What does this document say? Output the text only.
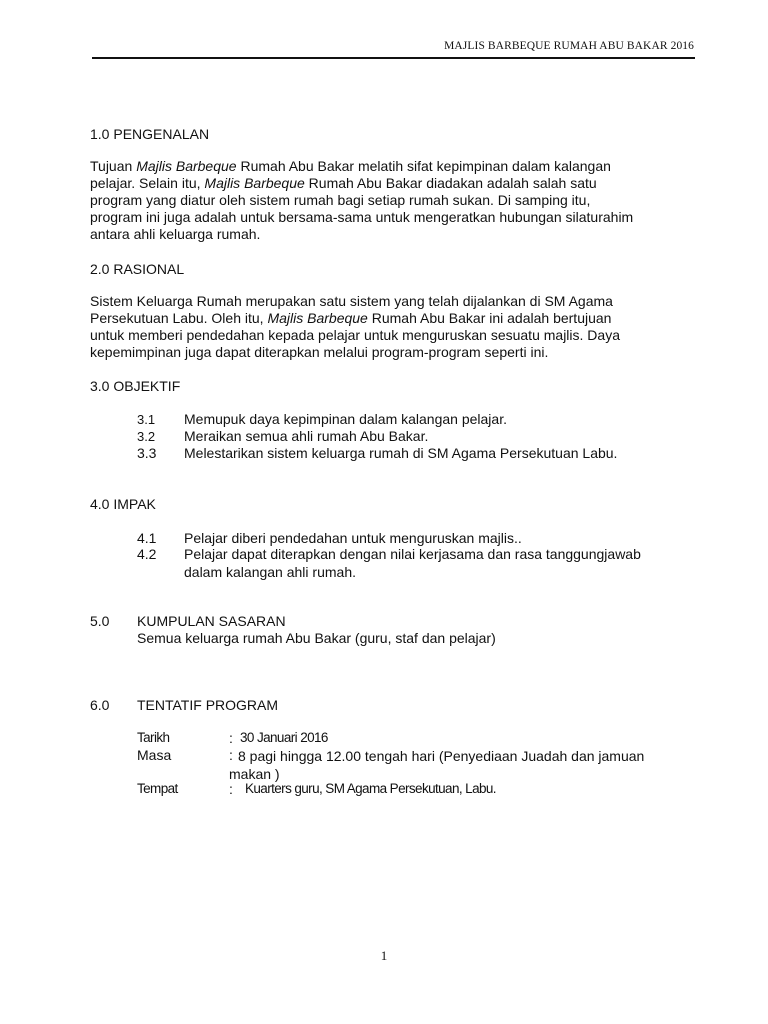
MAJLIS BARBEQUE RUMAH ABU BAKAR 2016
1.0 PENGENALAN

Tujuan Majlis Barbeque Rumah Abu Bakar melatih sifat kepimpinan dalam kalangan

pelajar. Selain itu, Majlis Barbeque Rumah Abu Bakar diadakan adalah salah satu

program yang diatur oleh sistem rumah bagi setiap rumah sukan. Di samping itu,

program ini juga adalah untuk bersama-sama untuk mengeratkan hubungan silaturahim

antara ahli keluarga rumah.

2.0 RASIONAL

Sistem Keluarga Rumah merupakan satu sistem yang telah dijalankan di SM Agama

Persekutuan Labu. Oleh itu, Majlis Barbeque Rumah Abu Bakar ini adalah bertujuan

untuk memberi pendedahan kepada pelajar untuk menguruskan sesuatu majlis. Daya

kepemimpinan juga dapat diterapkan melalui program-program seperti ini.

3.0 OBJEKTIF
3.1 Memupuk daya kepimpinan dalam kalangan pelajar.
3.2 Meraikan semua ahli rumah Abu Bakar.
3.3 Melestarikan sistem keluarga rumah di SM Agama Persekutuan Labu.
4.0 IMPAK
4.1 Pelajar diberi pendedahan untuk menguruskan majlis..
4.2 Pelajar dapat diterapkan dengan nilai kerjasama dan rasa tanggungjawab
dalam kalangan ahli rumah.
5.0 KUMPULAN SASARAN
Semua keluarga rumah Abu Bakar (guru, staf dan pelajar)
6.0 TENTATIF PROGRAM
Tarikh	: 30 Januari 2016
Masa	: 8 pagi hingga 12.00 tengah hari (Penyediaan Juadah dan jamuan
makan )
Tempat	: Kuarters guru, SM Agama Persekutuan, Labu.
1
